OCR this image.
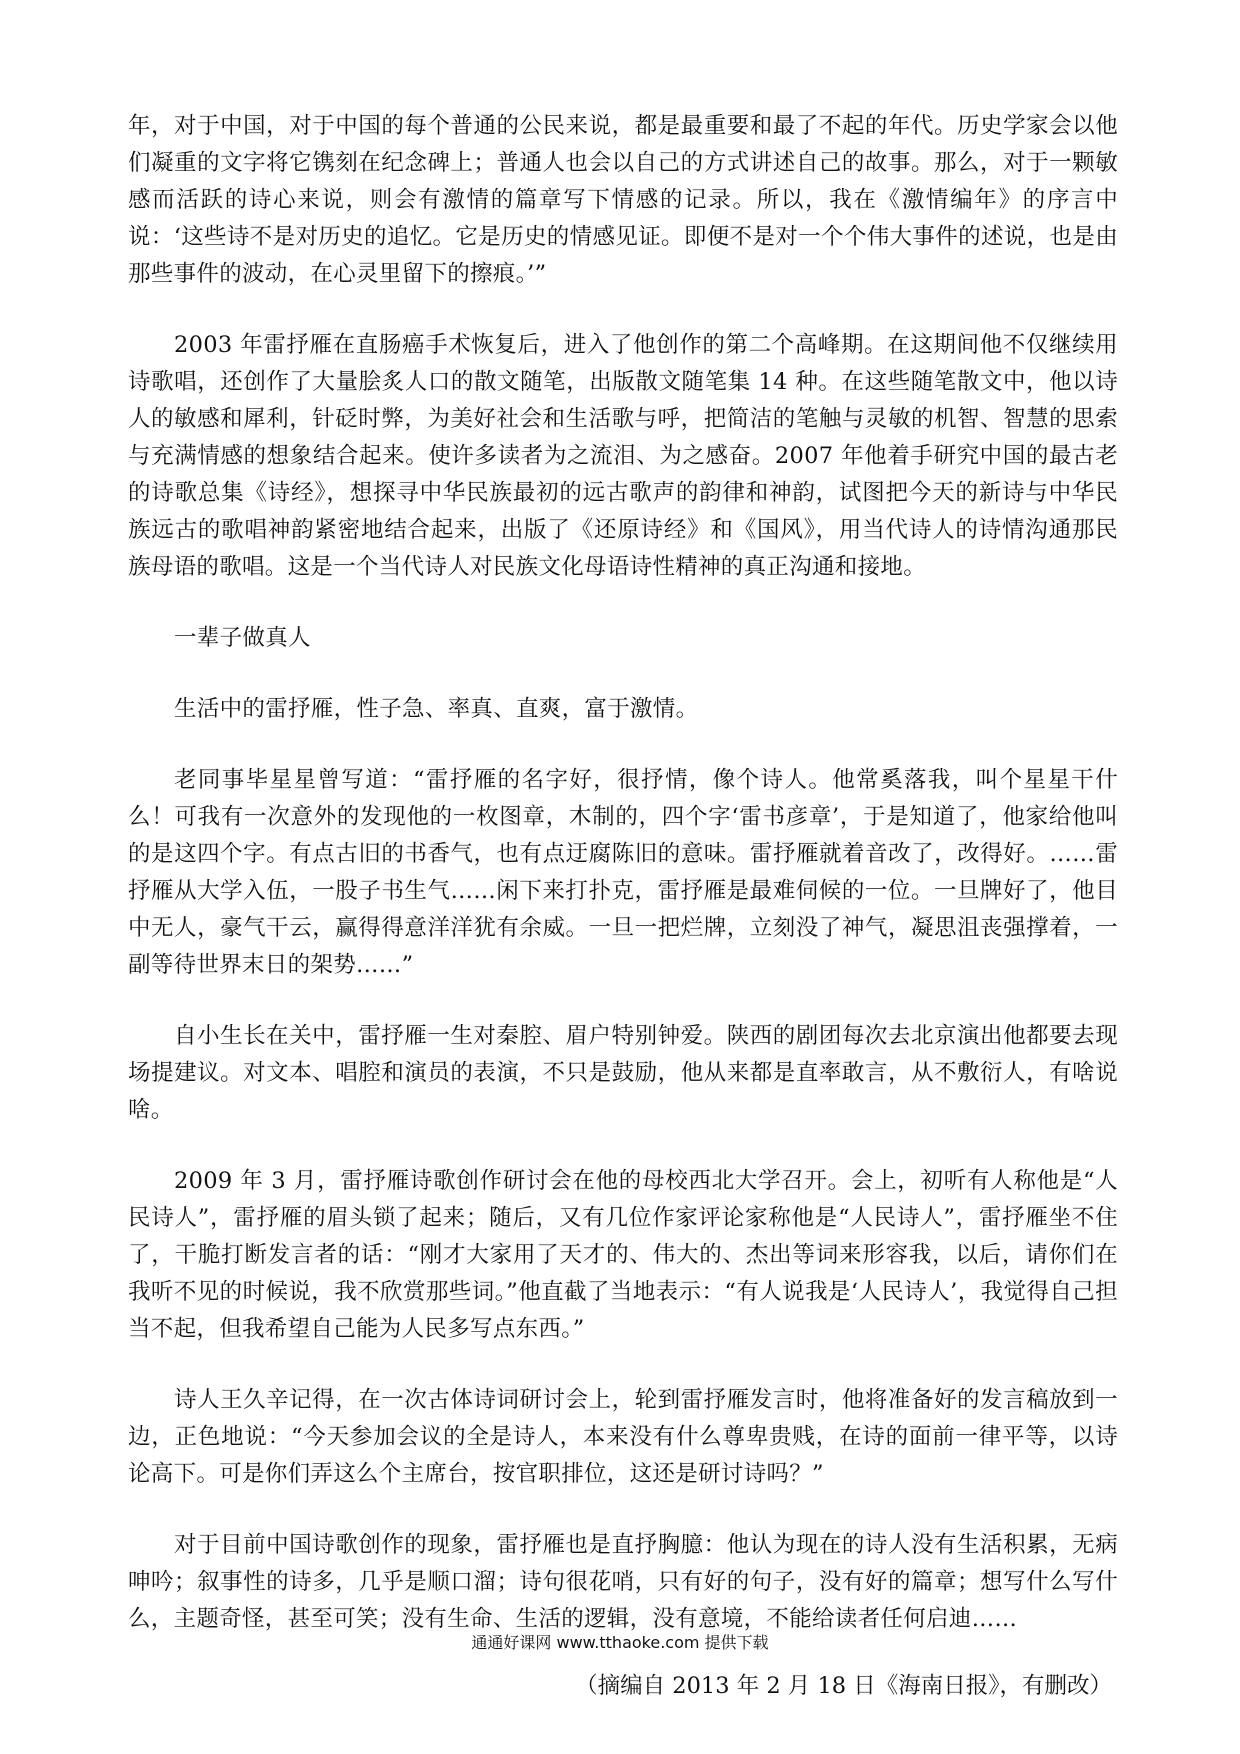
年，对于中国，对于中国的每个普通的公民来说，都是最重要和最了不起的年代。历史学家会以他们凝重的文字将它镌刻在纪念碑上；普通人也会以自己的方式讲述自己的故事。那么，对于一颗敏感而活跃的诗心来说，则会有激情的篇章写下情感的记录。所以，我在《激情编年》的序言中说：‘这些诗不是对历史的追忆。它是历史的情感见证。即便不是对一个个伟大事件的述说，也是由那些事件的波动，在心灵里留下的擦痕。’”

2003 年雷抒雁在直肠癌手术恢复后，进入了他创作的第二个高峰期。在这期间他不仅继续用诗歌唱，还创作了大量脍炙人口的散文随笔，出版散文随笔集 14 种。在这些随笔散文中，他以诗人的敏感和犀利，针砭时弊，为美好社会和生活歌与呼，把简洁的笔触与灵敏的机智、智慧的思索与充满情感的想象结合起来。使许多读者为之流泪、为之感奋。2007 年他着手研究中国的最古老的诗歌总集《诗经》，想探寻中华民族最初的远古歌声的韵律和神韵，试图把今天的新诗与中华民族远古的歌唱神韵紧密地结合起来，出版了《还原诗经》和《国风》，用当代诗人的诗情沟通那民族母语的歌唱。这是一个当代诗人对民族文化母语诗性精神的真正沟通和接地。

一辈子做真人

生活中的雷抒雁，性子急、率真、直爽，富于激情。

老同事毕星星曾写道：“雷抒雁的名字好，很抒情，像个诗人。他常奚落我，叫个星星干什么！可我有一次意外的发现他的一枚图章，木制的，四个字‘雷书彦章’，于是知道了，他家给他叫的是这四个字。有点古旧的书香气，也有点迂腐陈旧的意味。雷抒雁就着音改了，改得好。……雷抒雁从大学入伍，一股子书生气……闲下来打扑克，雷抒雁是最难伺候的一位。一旦牌好了，他目中无人，豪气干云，赢得得意洋洋犹有余威。一旦一把烂牌，立刻没了神气，凝思沮丧强撑着，一副等待世界末日的架势……”

自小生长在关中，雷抒雁一生对秦腔、眉户特别钟爱。陕西的剧团每次去北京演出他都要去现场提建议。对文本、唱腔和演员的表演，不只是鼓励，他从来都是直率敢言，从不敷衍人，有啥说啥。

2009 年 3 月，雷抒雁诗歌创作研讨会在他的母校西北大学召开。会上，初听有人称他是“人民诗人”，雷抒雁的眉头锁了起来；随后，又有几位作家评论家称他是“人民诗人”，雷抒雁坐不住了，干脆打断发言者的话：“刚才大家用了天才的、伟大的、杰出等词来形容我，以后，请你们在我听不见的时候说，我不欣赏那些词。”他直截了当地表示：“有人说我是‘人民诗人’，我觉得自己担当不起，但我希望自己能为人民多写点东西。”

诗人王久辛记得，在一次古体诗词研讨会上，轮到雷抒雁发言时，他将准备好的发言稿放到一边，正色地说：“今天参加会议的全是诗人，本来没有什么尊卑贵贱，在诗的面前一律平等，以诗论高下。可是你们弄这么个主席台，按官职排位，这还是研讨诗吗？”

对于目前中国诗歌创作的现象，雷抒雁也是直抒胸臆：他认为现在的诗人没有生活积累，无病呻吟；叙事性的诗多，几乎是顺口溜；诗句很花哨，只有好的句子，没有好的篇章；想写什么写什么，主题奇怪，甚至可笑；没有生命、生活的逻辑，没有意境，不能给读者任何启迪……

（摘编自 2013 年 2 月 18 日《海南日报》，有删改）

通通好课网 www.tthaoke.com 提供下载
